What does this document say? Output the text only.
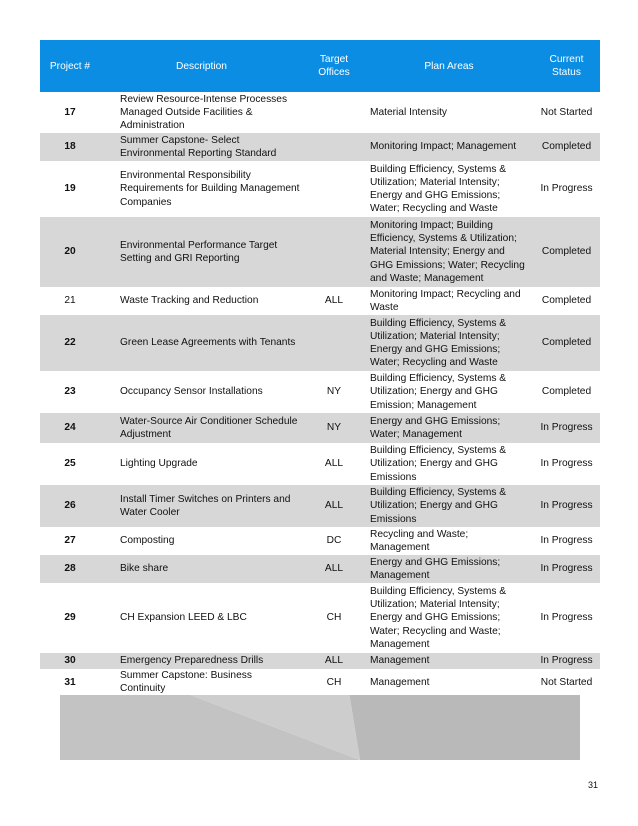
Project #	Description	Target Offices	Plan Areas	Current Status
17	Review Resource-Intense Processes Managed Outside Facilities & Administration		Material Intensity	Not Started
18	Summer Capstone- Select Environmental Reporting Standard		Monitoring Impact; Management	Completed
19	Environmental Responsibility Requirements for Building Management Companies		Building Efficiency, Systems & Utilization; Material Intensity; Energy and GHG Emissions; Water; Recycling and Waste	In Progress
20	Environmental Performance Target Setting and GRI Reporting		Monitoring Impact; Building Efficiency, Systems & Utilization; Material Intensity; Energy and GHG Emissions; Water; Recycling and Waste; Management	Completed
21	Waste Tracking and Reduction	ALL	Monitoring Impact; Recycling and Waste	Completed
22	Green Lease Agreements with Tenants		Building Efficiency, Systems & Utilization; Material Intensity; Energy and GHG Emissions; Water; Recycling and Waste	Completed
23	Occupancy Sensor Installations	NY	Building Efficiency, Systems & Utilization; Energy and GHG Emission; Management	Completed
24	Water-Source Air Conditioner Schedule Adjustment	NY	Energy and GHG Emissions; Water; Management	In Progress
25	Lighting Upgrade	ALL	Building Efficiency, Systems & Utilization; Energy and GHG Emissions	In Progress
26	Install Timer Switches on Printers and Water Cooler	ALL	Building Efficiency, Systems & Utilization; Energy and GHG Emissions	In Progress
27	Composting	DC	Recycling and Waste; Management	In Progress
28	Bike share	ALL	Energy and GHG Emissions; Management	In Progress
29	CH Expansion LEED & LBC	CH	Building Efficiency, Systems & Utilization; Material Intensity; Energy and GHG Emissions; Water; Recycling and Waste; Management	In Progress
30	Emergency Preparedness Drills	ALL	Management	In Progress
31	Summer Capstone: Business Continuity	CH	Management	Not Started
31
